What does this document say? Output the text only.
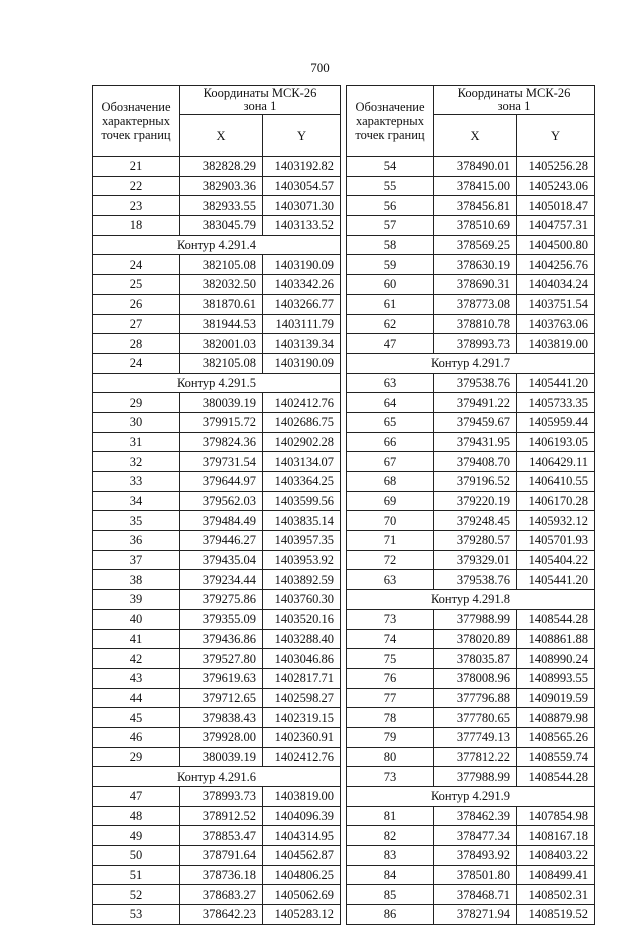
700
Обозначение
характерных
точек границ	Координаты МСК-26
зона 1	
	X	Y
21	382828.29	1403192.82
22	382903.36	1403054.57
23	382933.55	1403071.30
18	383045.79	1403133.52
Контур 4.291.4		
24	382105.08	1403190.09
25	382032.50	1403342.26
26	381870.61	1403266.77
27	381944.53	1403111.79
28	382001.03	1403139.34
24	382105.08	1403190.09
Контур 4.291.5		
29	380039.19	1402412.76
30	379915.72	1402686.75
31	379824.36	1402902.28
32	379731.54	1403134.07
33	379644.97	1403364.25
34	379562.03	1403599.56
35	379484.49	1403835.14
36	379446.27	1403957.35
37	379435.04	1403953.92
38	379234.44	1403892.59
39	379275.86	1403760.30
40	379355.09	1403520.16
41	379436.86	1403288.40
42	379527.80	1403046.86
43	379619.63	1402817.71
44	379712.65	1402598.27
45	379838.43	1402319.15
46	379928.00	1402360.91
29	380039.19	1402412.76
Контур 4.291.6		
47	378993.73	1403819.00
48	378912.52	1404096.39
49	378853.47	1404314.95
50	378791.64	1404562.87
51	378736.18	1404806.25
52	378683.27	1405062.69
53	378642.23	1405283.12
Обозначение
характерных
точек границ	Координаты МСК-26
зона 1	
	X	Y
54	378490.01	1405256.28
55	378415.00	1405243.06
56	378456.81	1405018.47
57	378510.69	1404757.31
58	378569.25	1404500.80
59	378630.19	1404256.76
60	378690.31	1404034.24
61	378773.08	1403751.54
62	378810.78	1403763.06
47	378993.73	1403819.00
Контур 4.291.7		
63	379538.76	1405441.20
64	379491.22	1405733.35
65	379459.67	1405959.44
66	379431.95	1406193.05
67	379408.70	1406429.11
68	379196.52	1406410.55
69	379220.19	1406170.28
70	379248.45	1405932.12
71	379280.57	1405701.93
72	379329.01	1405404.22
63	379538.76	1405441.20
Контур 4.291.8		
73	377988.99	1408544.28
74	378020.89	1408861.88
75	378035.87	1408990.24
76	378008.96	1408993.55
77	377796.88	1409019.59
78	377780.65	1408879.98
79	377749.13	1408565.26
80	377812.22	1408559.74
73	377988.99	1408544.28
Контур 4.291.9		
81	378462.39	1407854.98
82	378477.34	1408167.18
83	378493.92	1408403.22
84	378501.80	1408499.41
85	378468.71	1408502.31
86	378271.94	1408519.52
